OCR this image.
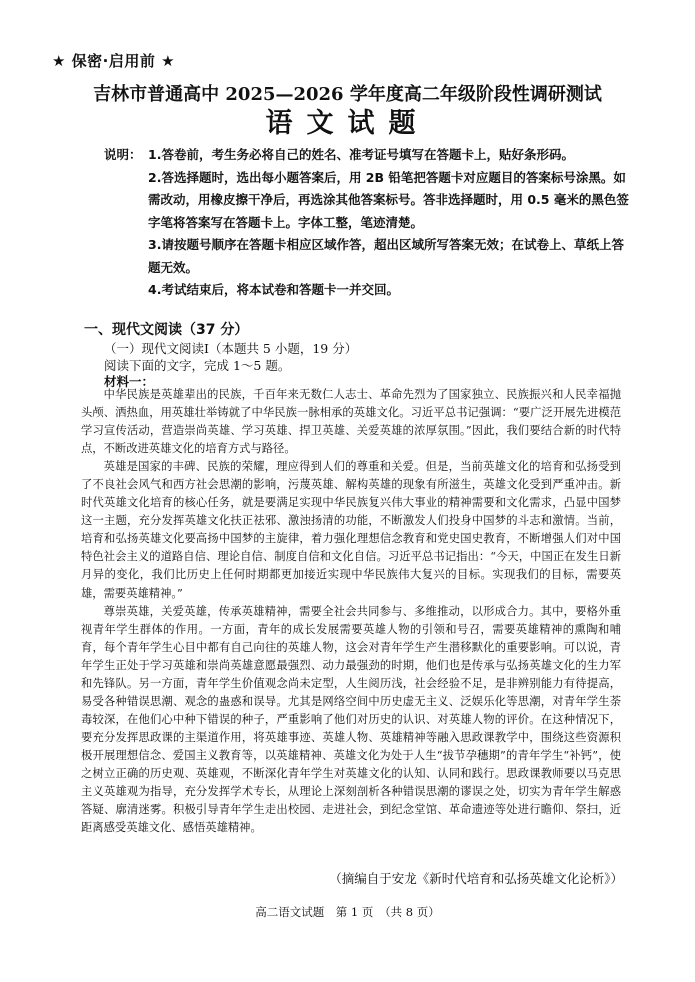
★ 保密·启用前 ★
吉林市普通高中 2025—2026 学年度高二年级阶段性调研测试
语文试题
说明： 1.答卷前，考生务必将自己的姓名、准考证号填写在答题卡上，贴好条形码。
2.答选择题时，选出每小题答案后，用 2B 铅笔把答题卡对应题目的答案标号涂黑。如需改动，用橡皮擦干净后，再选涂其他答案标号。答非选择题时，用 0.5 毫米的黑色签字笔将答案写在答题卡上。字体工整，笔迹清楚。
3.请按题号顺序在答题卡相应区域作答，超出区域所写答案无效；在试卷上、草纸上答题无效。
4.考试结束后，将本试卷和答题卡一并交回。
一、现代文阅读（37 分）
（一）现代文阅读Ⅰ（本题共 5 小题，19 分）
阅读下面的文字，完成 1～5 题。
材料一：

中华民族是英雄辈出的民族，千百年来无数仁人志士、革命先烈为了国家独立、民族振兴和人民幸福抛头颅、洒热血，用英雄壮举铸就了中华民族一脉相承的英雄文化。习近平总书记强调：“要广泛开展先进模范学习宣传活动，营造崇尚英雄、学习英雄、捍卫英雄、关爱英雄的浓厚氛围。”因此，我们要结合新的时代特点，不断改进英雄文化的培育方式与路径。

英雄是国家的丰碑、民族的荣耀，理应得到人们的尊重和关爱。但是，当前英雄文化的培育和弘扬受到了不良社会风气和西方社会思潮的影响，污蔑英雄、解构英雄的现象有所滋生，英雄文化受到严重冲击。新时代英雄文化培育的核心任务，就是要满足实现中华民族复兴伟大事业的精神需要和文化需求，凸显中国梦这一主题，充分发挥英雄文化扶正祛邪、激浊扬清的功能，不断激发人们投身中国梦的斗志和激情。当前，培育和弘扬英雄文化要高扬中国梦的主旋律，着力强化理想信念教育和党史国史教育，不断增强人们对中国特色社会主义的道路自信、理论自信、制度自信和文化自信。习近平总书记指出：“今天，中国正在发生日新月异的变化，我们比历史上任何时期都更加接近实现中华民族伟大复兴的目标。实现我们的目标，需要英雄，需要英雄精神。”

尊崇英雄，关爱英雄，传承英雄精神，需要全社会共同参与、多维推动，以形成合力。其中，要格外重视青年学生群体的作用。一方面，青年的成长发展需要英雄人物的引领和号召，需要英雄精神的熏陶和哺育，每个青年学生心目中都有自己向往的英雄人物，这会对青年学生产生潜移默化的重要影响。可以说，青年学生正处于学习英雄和崇尚英雄意愿最强烈、动力最强劲的时期，他们也是传承与弘扬英雄文化的生力军和先锋队。另一方面，青年学生价值观念尚未定型，人生阅历浅，社会经验不足，是非辨别能力有待提高，易受各种错误思潮、观念的蛊惑和误导。尤其是网络空间中历史虚无主义、泛娱乐化等思潮，对青年学生荼毒较深，在他们心中种下错误的种子，严重影响了他们对历史的认识、对英雄人物的评价。在这种情况下，要充分发挥思政课的主渠道作用，将英雄事迹、英雄人物、英雄精神等融入思政课教学中，围绕这些资源积极开展理想信念、爱国主义教育等，以英雄精神、英雄文化为处于人生“拔节孕穗期”的青年学生“补钙”，使之树立正确的历史观、英雄观，不断深化青年学生对英雄文化的认知、认同和践行。思政课教师要以马克思主义英雄观为指导，充分发挥学术专长，从理论上深刻剖析各种错误思潮的谬误之处，切实为青年学生解惑答疑、廓清迷雾。积极引导青年学生走出校园、走进社会，到纪念堂馆、革命遗迹等处进行瞻仰、祭扫，近距离感受英雄文化、感悟英雄精神。

（摘编自于安龙《新时代培育和弘扬英雄文化论析》）
高二语文试题　第 1 页　（共 8 页）
